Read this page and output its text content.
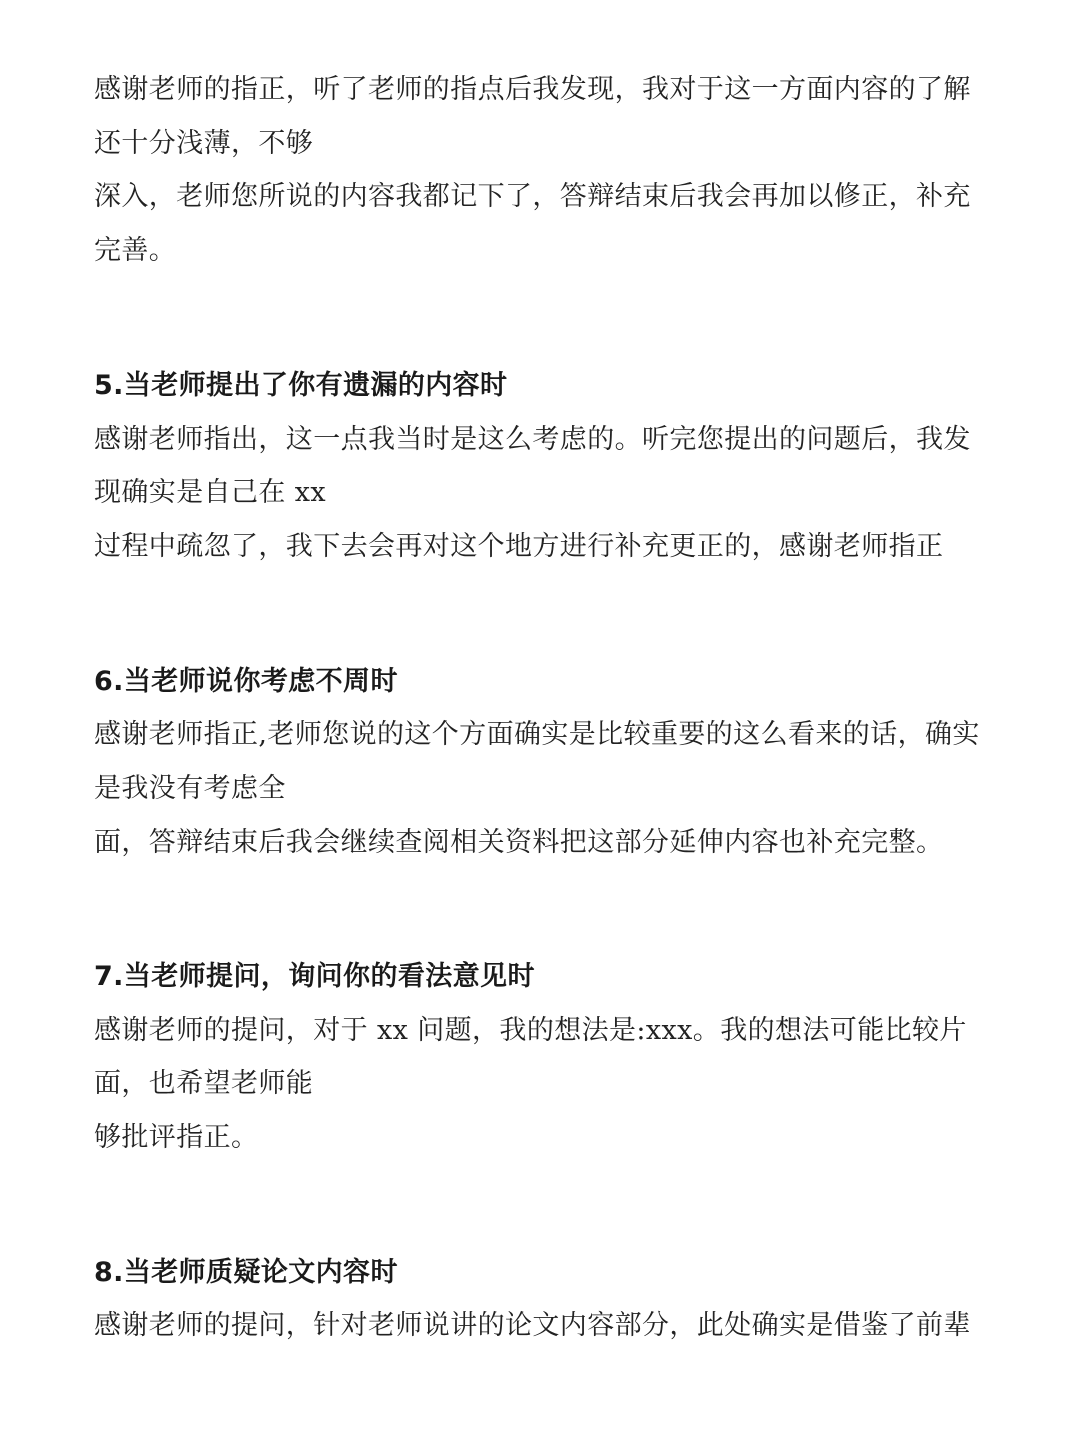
感谢老师的指正，听了老师的指点后我发现，我对于这一方面内容的了解
还十分浅薄，不够
深入，老师您所说的内容我都记下了，答辩结束后我会再加以修正，补充
完善。
5.当老师提出了你有遗漏的内容时
感谢老师指出，这一点我当时是这么考虑的。听完您提出的问题后，我发
现确实是自己在 xx
过程中疏忽了，我下去会再对这个地方进行补充更正的，感谢老师指正
6.当老师说你考虑不周时
感谢老师指正,老师您说的这个方面确实是比较重要的这么看来的话，确实
是我没有考虑全
面，答辩结束后我会继续查阅相关资料把这部分延伸内容也补充完整。
7.当老师提问，询问你的看法意见时
感谢老师的提问，对于 xx 问题，我的想法是:xxx。我的想法可能比较片
面，也希望老师能
够批评指正。
8.当老师质疑论文内容时
感谢老师的提问，针对老师说讲的论文内容部分，此处确实是借鉴了前辈
